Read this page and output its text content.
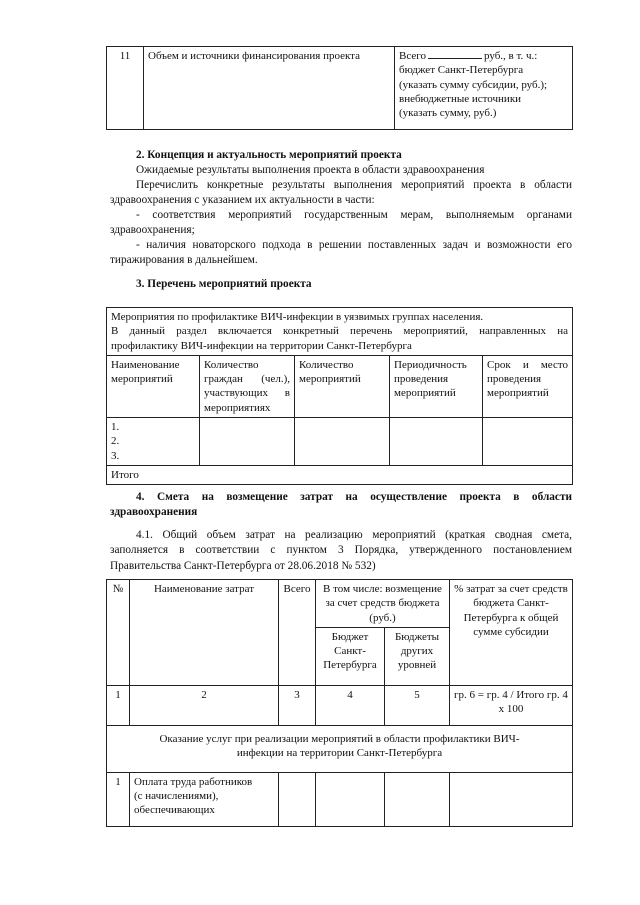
11	Объем и источники финансирования проекта	Всего	руб., в т. ч.:
бюджет Санкт-Петербурга
(указать сумму субсидии, руб.);
внебюджетные источники
(указать сумму, руб.)
2. Концепция и актуальность мероприятий проекта
Ожидаемые результаты выполнения проекта в области здравоохранения
Перечислить конкретные результаты выполнения мероприятий проекта в области здравоохранения с указанием их актуальности в части:
- соответствия мероприятий государственным мерам, выполняемым органами здравоохранения;
- наличия новаторского подхода в решении поставленных задач и возможности его тиражирования в дальнейшем.
3. Перечень мероприятий проекта
Мероприятия по профилактике ВИЧ-инфекции в уязвимых группах населения.
В данный раздел включается конкретный перечень мероприятий, направленных на профилактику ВИЧ-инфекции на территории Санкт-Петербурга				

Наименование мероприятий	Количество граждан (чел.), участвующих в мероприятиях	Количество мероприятий	Периодичность проведения мероприятий	Срок и место проведения мероприятий

1.
2.
3.				

Итого				
4. Смета на возмещение затрат на осуществление проекта в области здравоохранения
4.1. Общий объем затрат на реализацию мероприятий (краткая сводная смета, заполняется в соответствии с пунктом 3 Порядка, утвержденного постановлением Правительства Санкт-Петербурга от 28.06.2018 № 532)
№	Наименование затрат	Всего	В том числе: возмещение за счет средств бюджета (руб.)		% затрат за счет средств бюджета Санкт-Петербурга к общей сумме субсидии
			Бюджет Санкт-Петербурга	Бюджеты других уровней	
1	2	3	4	5	гр. 6 = гр. 4 / Итого гр. 4 х 100
Оказание услуг при реализации мероприятий в области профилактики ВИЧ-инфекции на территории Санкт-Петербурга					
1	Оплата труда работников (с начислениями), обеспечивающих				
